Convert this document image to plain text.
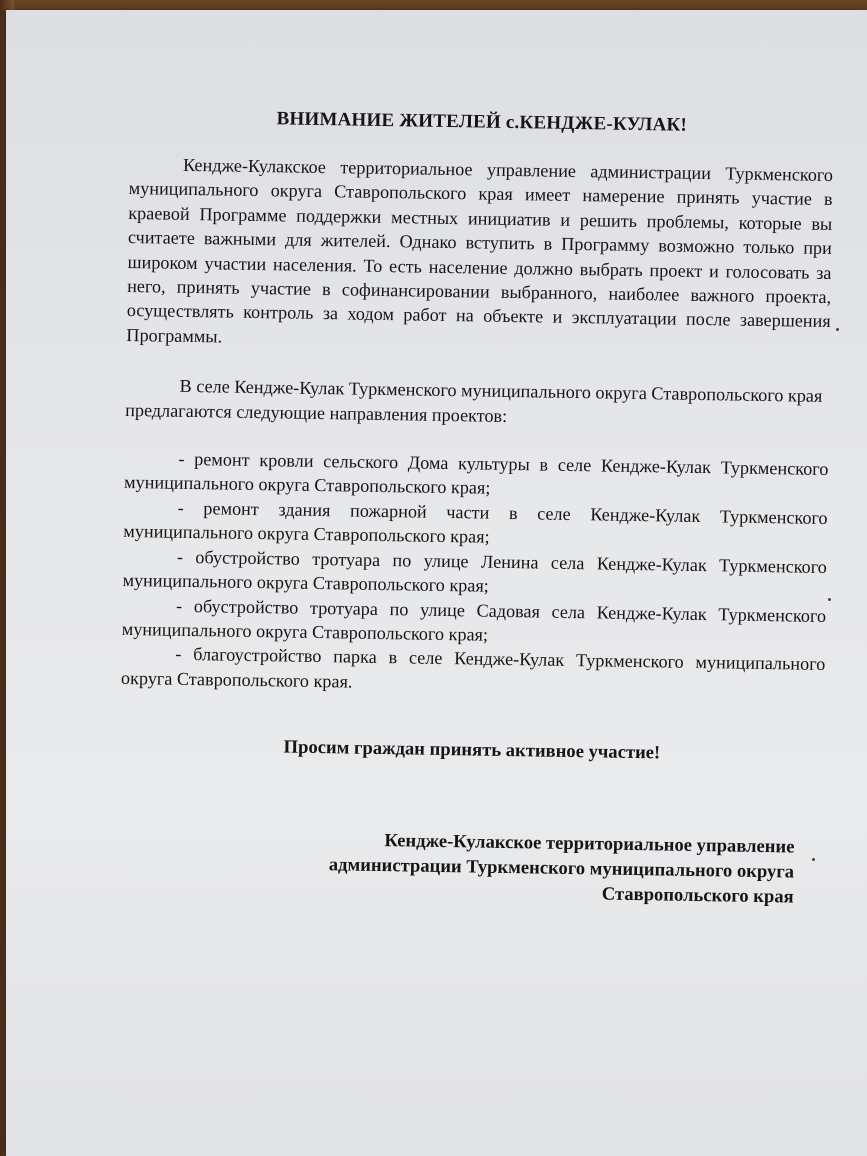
ВНИМАНИЕ ЖИТЕЛЕЙ с.КЕНДЖЕ-КУЛАК!

Кендже-Кулакское территориальное управление администрации Туркменского муниципального округа Ставропольского края имеет намерение принять участие в краевой Программе поддержки местных инициатив и решить проблемы, которые вы считаете важными для жителей. Однако вступить в Программу возможно только при широком участии населения. То есть население должно выбрать проект и голосовать за него, принять участие в софинансировании выбранного, наиболее важного проекта, осуществлять контроль за ходом работ на объекте и эксплуатации после завершения Программы.

В селе Кендже-Кулак Туркменского муниципального округа Ставропольского края предлагаются следующие направления проектов:

- ремонт кровли сельского Дома культуры в селе Кендже-Кулак Туркменского муниципального округа Ставропольского края;

- ремонт здания пожарной части в селе Кендже-Кулак Туркменского муниципального округа Ставропольского края;

- обустройство тротуара по улице Ленина села Кендже-Кулак Туркменского муниципального округа Ставропольского края;

- обустройство тротуара по улице Садовая села Кендже-Кулак Туркменского муниципального округа Ставропольского края;

- благоустройство парка в селе Кендже-Кулак Туркменского муниципального округа Ставропольского края.

Просим граждан принять активное участие!
Кендже-Кулакское территориальное управление
администрации Туркменского муниципального округа
Ставропольского края
